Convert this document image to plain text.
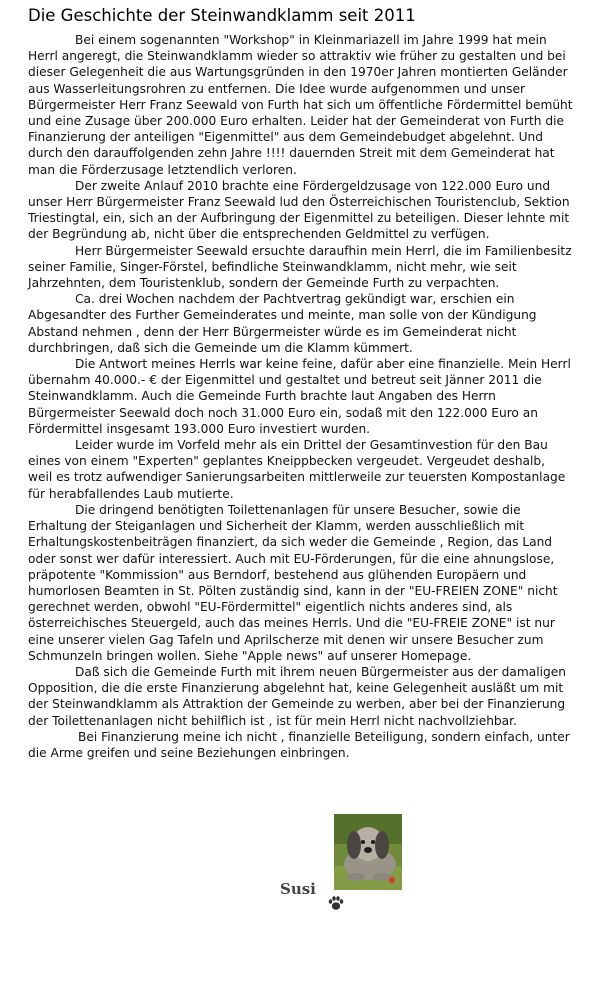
Die Geschichte der Steinwandklamm seit 2011

Bei einem sogenannten "Workshop" in Kleinmariazell im Jahre 1999 hat mein Herrl angeregt, die Steinwandklamm wieder so attraktiv wie früher zu gestalten und bei dieser Gelegenheit die aus Wartungsgründen in den 1970er Jahren montierten Geländer aus Wasserleitungsrohren zu entfernen. Die Idee wurde aufgenommen und unser Bürgermeister Herr Franz Seewald von Furth hat sich um öffentliche Fördermittel bemüht und eine Zusage über 200.000 Euro erhalten. Leider hat der Gemeinderat von Furth die Finanzierung der anteiligen "Eigenmittel" aus dem Gemeindebudget abgelehnt. Und durch den darauffolgenden zehn Jahre !!!! dauernden Streit mit dem Gemeinderat hat man die Förderzusage letztendlich verloren.

Der zweite Anlauf 2010 brachte eine Fördergeldzusage von 122.000 Euro und unser Herr Bürgermeister Franz Seewald lud den Österreichischen Touristenclub, Sektion Triestingtal, ein, sich an der Aufbringung der Eigenmittel zu beteiligen. Dieser lehnte mit der Begründung ab, nicht über die entsprechenden Geldmittel zu verfügen.

Herr Bürgermeister Seewald ersuchte daraufhin mein Herrl, die im Familienbesitz seiner Familie, Singer-Förstel, befindliche Steinwandklamm, nicht mehr, wie seit Jahrzehnten, dem Touristenklub, sondern der Gemeinde Furth zu verpachten.

Ca. drei Wochen nachdem der Pachtvertrag gekündigt war, erschien ein Abgesandter des Further Gemeinderates und meinte, man solle von der Kündigung Abstand nehmen , denn der Herr Bürgermeister würde es im Gemeinderat nicht durchbringen, daß sich die Gemeinde um die Klamm kümmert.

Die Antwort meines Herrls war keine feine, dafür aber eine finanzielle. Mein Herrl übernahm 40.000.- € der Eigenmittel und gestaltet und betreut seit Jänner 2011 die Steinwandklamm. Auch die Gemeinde Furth brachte laut Angaben des Herrn Bürgermeister Seewald doch noch 31.000 Euro ein, sodaß mit den 122.000 Euro an Fördermittel insgesamt 193.000 Euro investiert wurden.

Leider wurde im Vorfeld mehr als ein Drittel der Gesamtinvestion für den Bau eines von einem "Experten" geplantes Kneippbecken vergeudet. Vergeudet deshalb, weil es trotz aufwendiger Sanierungsarbeiten mittlerweile zur teuersten Kompostanlage für herabfallendes Laub mutierte.

Die dringend benötigten Toilettenanlagen für unsere Besucher, sowie die Erhaltung der Steiganlagen und Sicherheit der Klamm, werden ausschließlich mit Erhaltungskostenbeiträgen finanziert, da sich weder die Gemeinde , Region, das Land oder sonst wer dafür interessiert. Auch mit EU-Förderungen, für die eine ahnungslose, präpotente "Kommission" aus Berndorf, bestehend aus glühenden Europäern und humorlosen Beamten in St. Pölten zuständig sind, kann in der "EU-FREIEN ZONE" nicht gerechnet werden, obwohl "EU-Fördermittel" eigentlich nichts anderes sind, als österreichisches Steuergeld, auch das meines Herrls. Und die "EU-FREIE ZONE" ist nur eine unserer vielen Gag Tafeln und Aprilscherze mit denen wir unsere Besucher zum Schmunzeln bringen wollen. Siehe "Apple news" auf unserer Homepage.

Daß sich die Gemeinde Furth mit ihrem neuen Bürgermeister aus der damaligen Opposition, die die erste Finanzierung abgelehnt hat, keine Gelegenheit ausläßt um mit der Steinwandklamm als Attraktion der Gemeinde zu werben, aber bei der Finanzierung der Toilettenanlagen nicht behilflich ist , ist für mein Herrl nicht nachvollziehbar.

Bei Finanzierung meine ich nicht , finanzielle Beteiligung, sondern einfach, unter die Arme greifen und seine Beziehungen einbringen.

Susi
